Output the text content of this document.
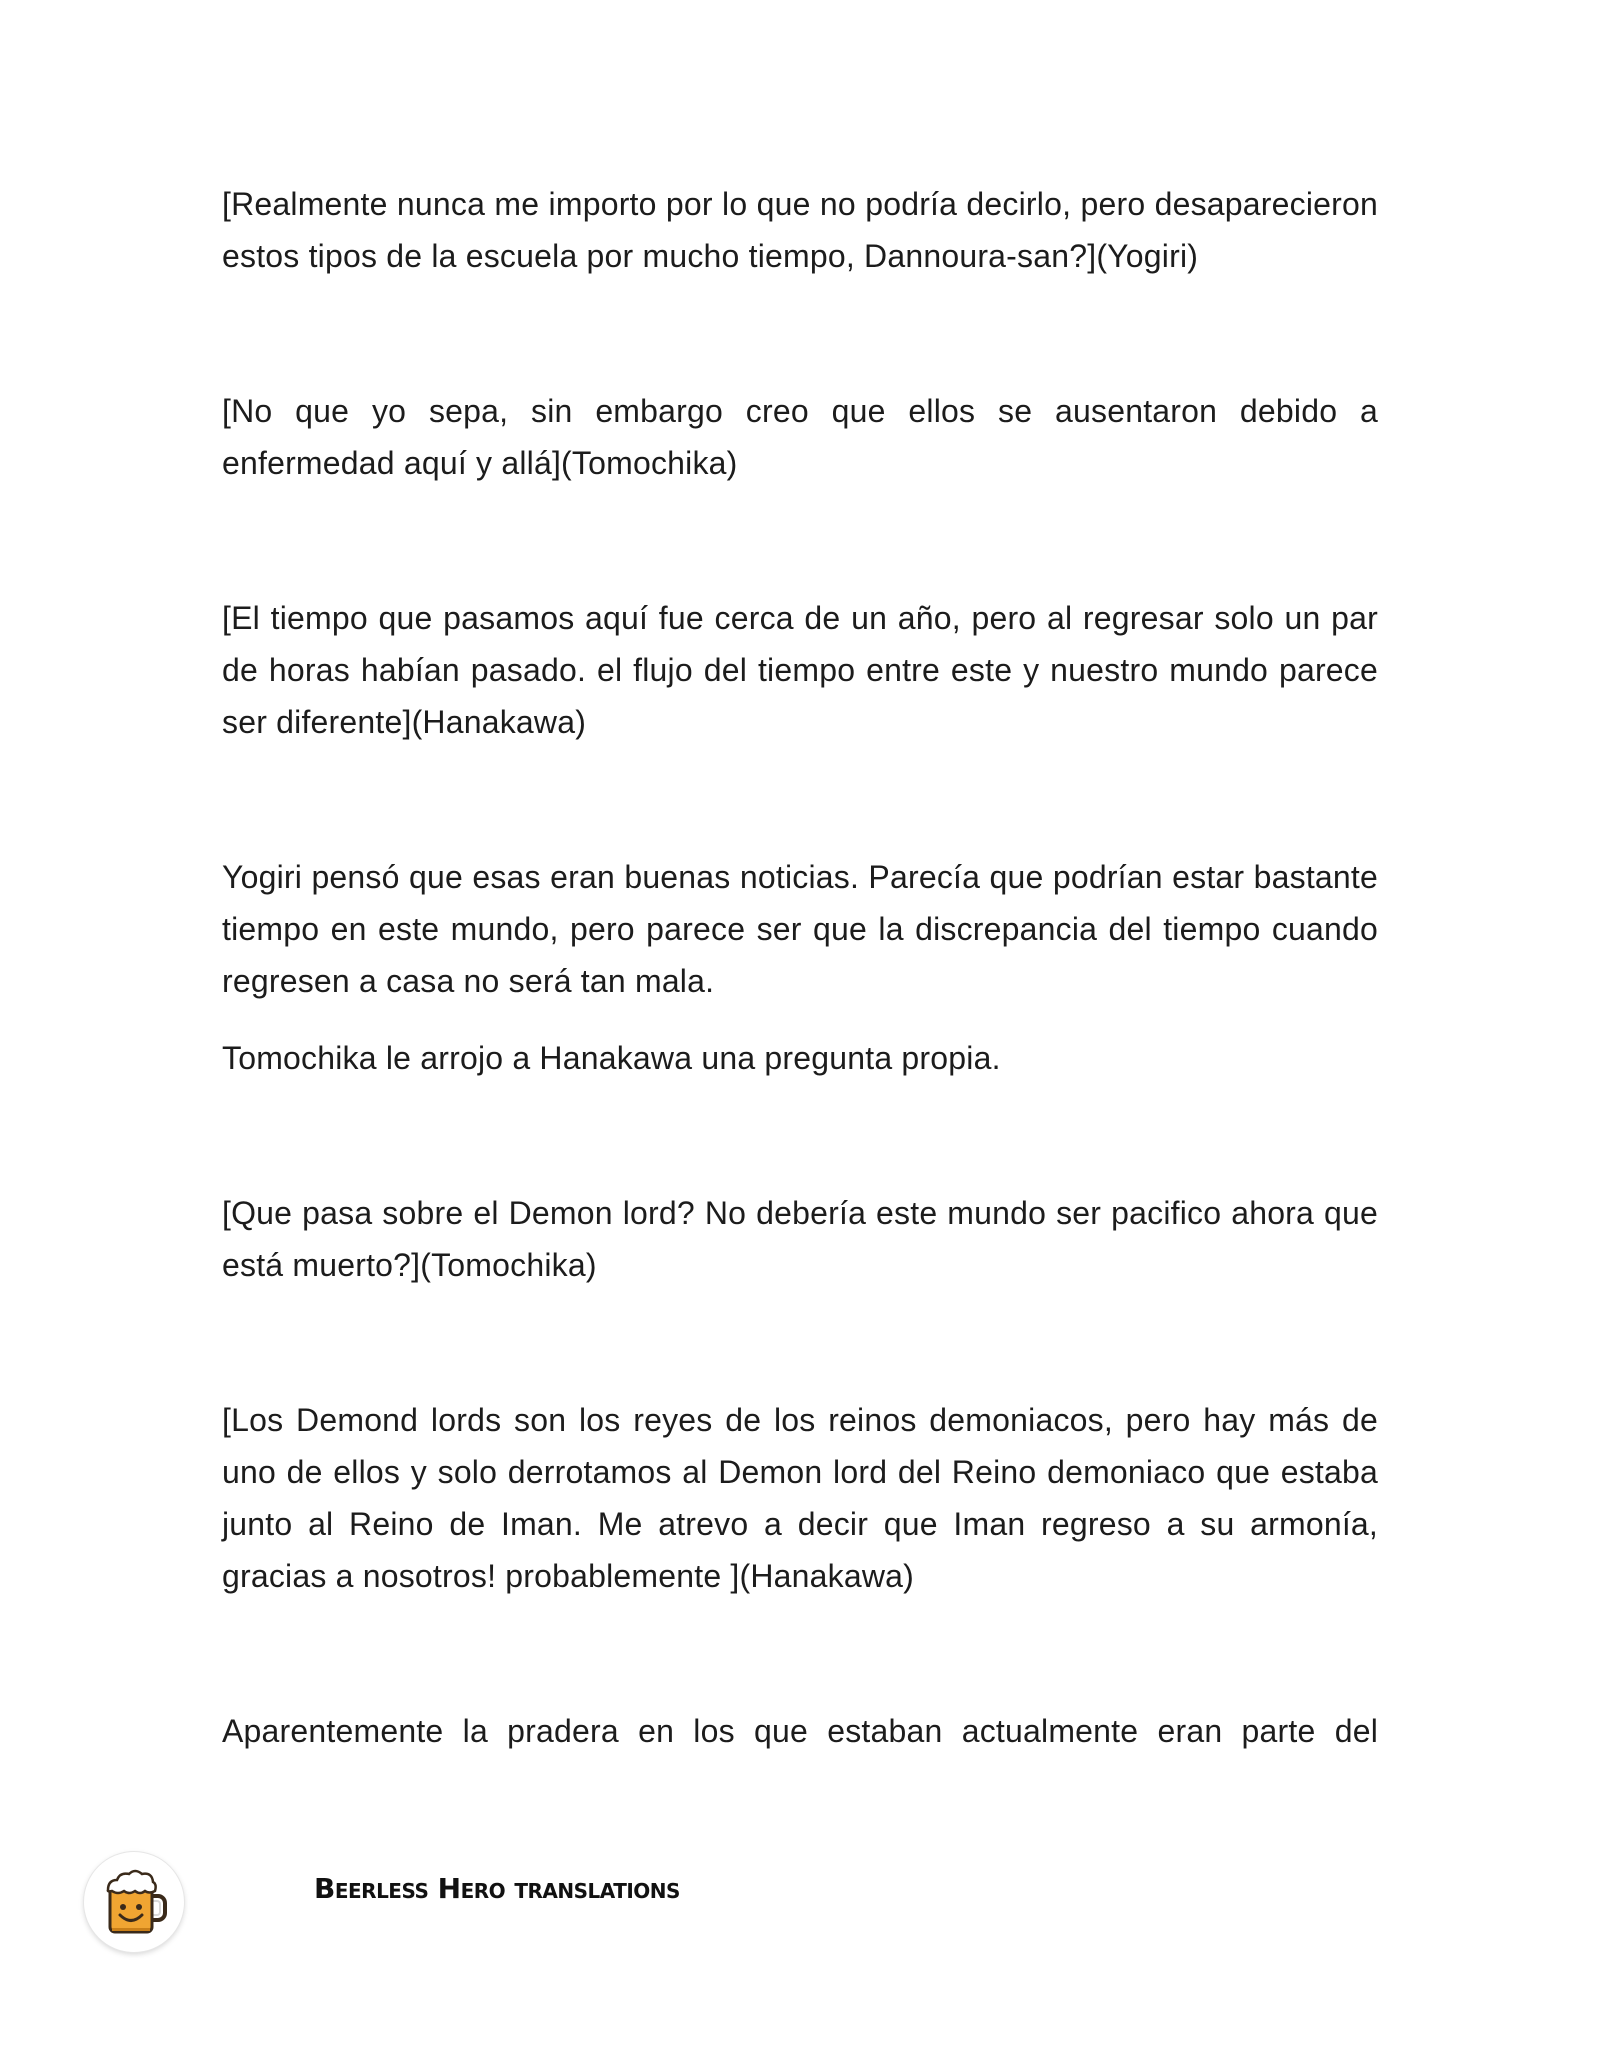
[Realmente nunca me importo por lo que no podría decirlo, pero desaparecieron estos tipos de la escuela por mucho tiempo, Dannoura-san?](Yogiri)

[No que yo sepa, sin embargo creo que ellos se ausentaron debido a enfermedad aquí y allá](Tomochika)

[El tiempo que pasamos aquí fue cerca de un año, pero al regresar solo un par de horas habían pasado. el flujo del tiempo entre este y nuestro mundo parece ser diferente](Hanakawa)

Yogiri pensó que esas eran buenas noticias. Parecía que podrían estar bastante tiempo en este mundo, pero parece ser que la discrepancia del tiempo cuando regresen a casa no será tan mala.

Tomochika le arrojo a Hanakawa una pregunta propia.

[Que pasa sobre el Demon lord? No debería este mundo ser pacifico ahora que está muerto?](Tomochika)

[Los Demond lords son los reyes de los reinos demoniacos, pero hay más de uno de ellos y solo derrotamos al Demon lord del Reino demoniaco que estaba junto al Reino de Iman. Me atrevo a decir que Iman regreso a su armonía, gracias a nosotros! probablemente ](Hanakawa)

Aparentemente la pradera en los que estaban actualmente eran parte del

Beerless Hero translations
